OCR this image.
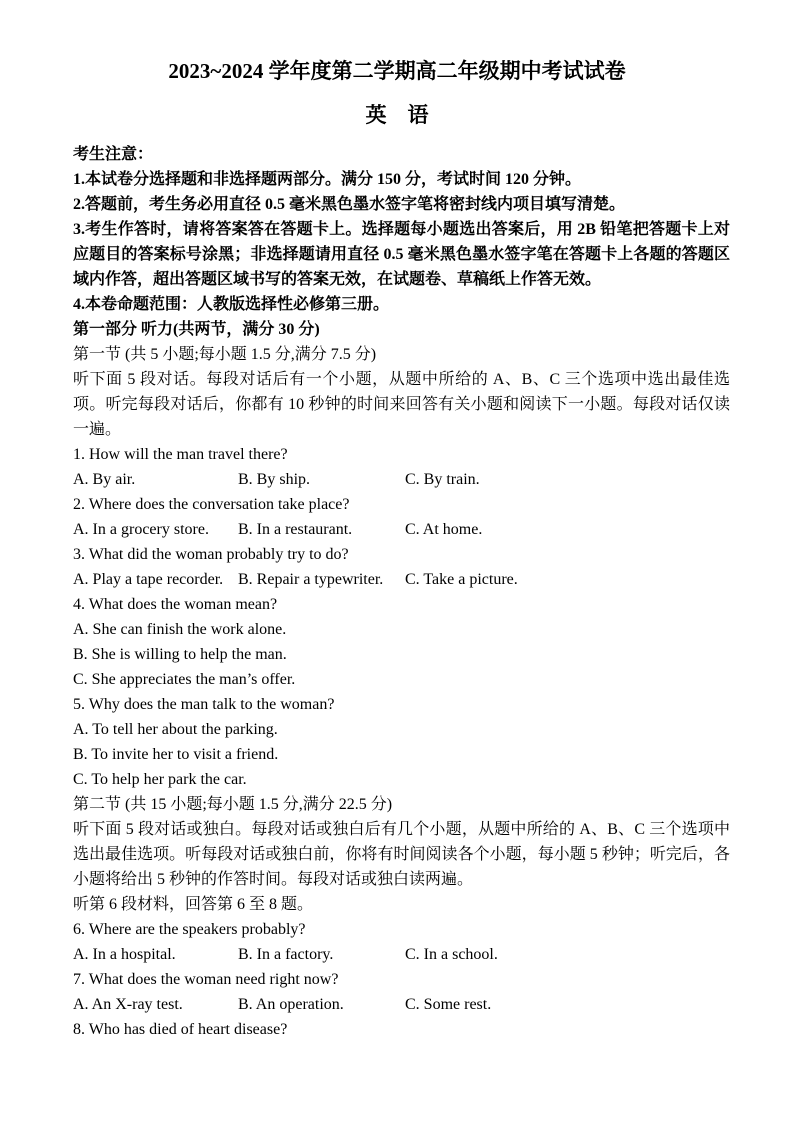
2023~2024 学年度第二学期高二年级期中考试试卷
英　语
考生注意：
1.本试卷分选择题和非选择题两部分。满分 150 分，考试时间 120 分钟。
2.答题前，考生务必用直径 0.5 毫米黑色墨水签字笔将密封线内项目填写清楚。
3.考生作答时，请将答案答在答题卡上。选择题每小题选出答案后，用 2B 铅笔把答题卡上对应题目的答案标号涂黑；非选择题请用直径 0.5 毫米黑色墨水签字笔在答题卡上各题的答题区域内作答，超出答题区域书写的答案无效，在试题卷、草稿纸上作答无效。
4.本卷命题范围：人教版选择性必修第三册。
第一部分 听力(共两节，满分 30 分)
第一节 (共 5 小题;每小题 1.5 分,满分 7.5 分)
听下面 5 段对话。每段对话后有一个小题，从题中所给的 A、B、C 三个选项中选出最佳选项。听完每段对话后，你都有 10 秒钟的时间来回答有关小题和阅读下一小题。每段对话仅读一遍。
1. How will the man travel there?
A. By air.	B. By ship.	C. By train.
2. Where does the conversation take place?
A. In a grocery store.	B. In a restaurant.	C. At home.
3. What did the woman probably try to do?
A. Play a tape recorder. B. Repair a typewriter.	C. Take a picture.
4. What does the woman mean?
A. She can finish the work alone.
B. She is willing to help the man.
C. She appreciates the man’s offer.
5. Why does the man talk to the woman?
A. To tell her about the parking.
B. To invite her to visit a friend.
C. To help her park the car.
第二节 (共 15 小题;每小题 1.5 分,满分 22.5 分)
听下面 5 段对话或独白。每段对话或独白后有几个小题，从题中所给的 A、B、C 三个选项中选出最佳选项。听每段对话或独白前，你将有时间阅读各个小题，每小题 5 秒钟；听完后，各小题将给出 5 秒钟的作答时间。每段对话或独白读两遍。
听第 6 段材料，回答第 6 至 8 题。
6. Where are the speakers probably?
A. In a hospital.	B. In a factory.	C. In a school.
7. What does the woman need right now?
A. An X-ray test.	B. An operation.	C. Some rest.
8. Who has died of heart disease?
